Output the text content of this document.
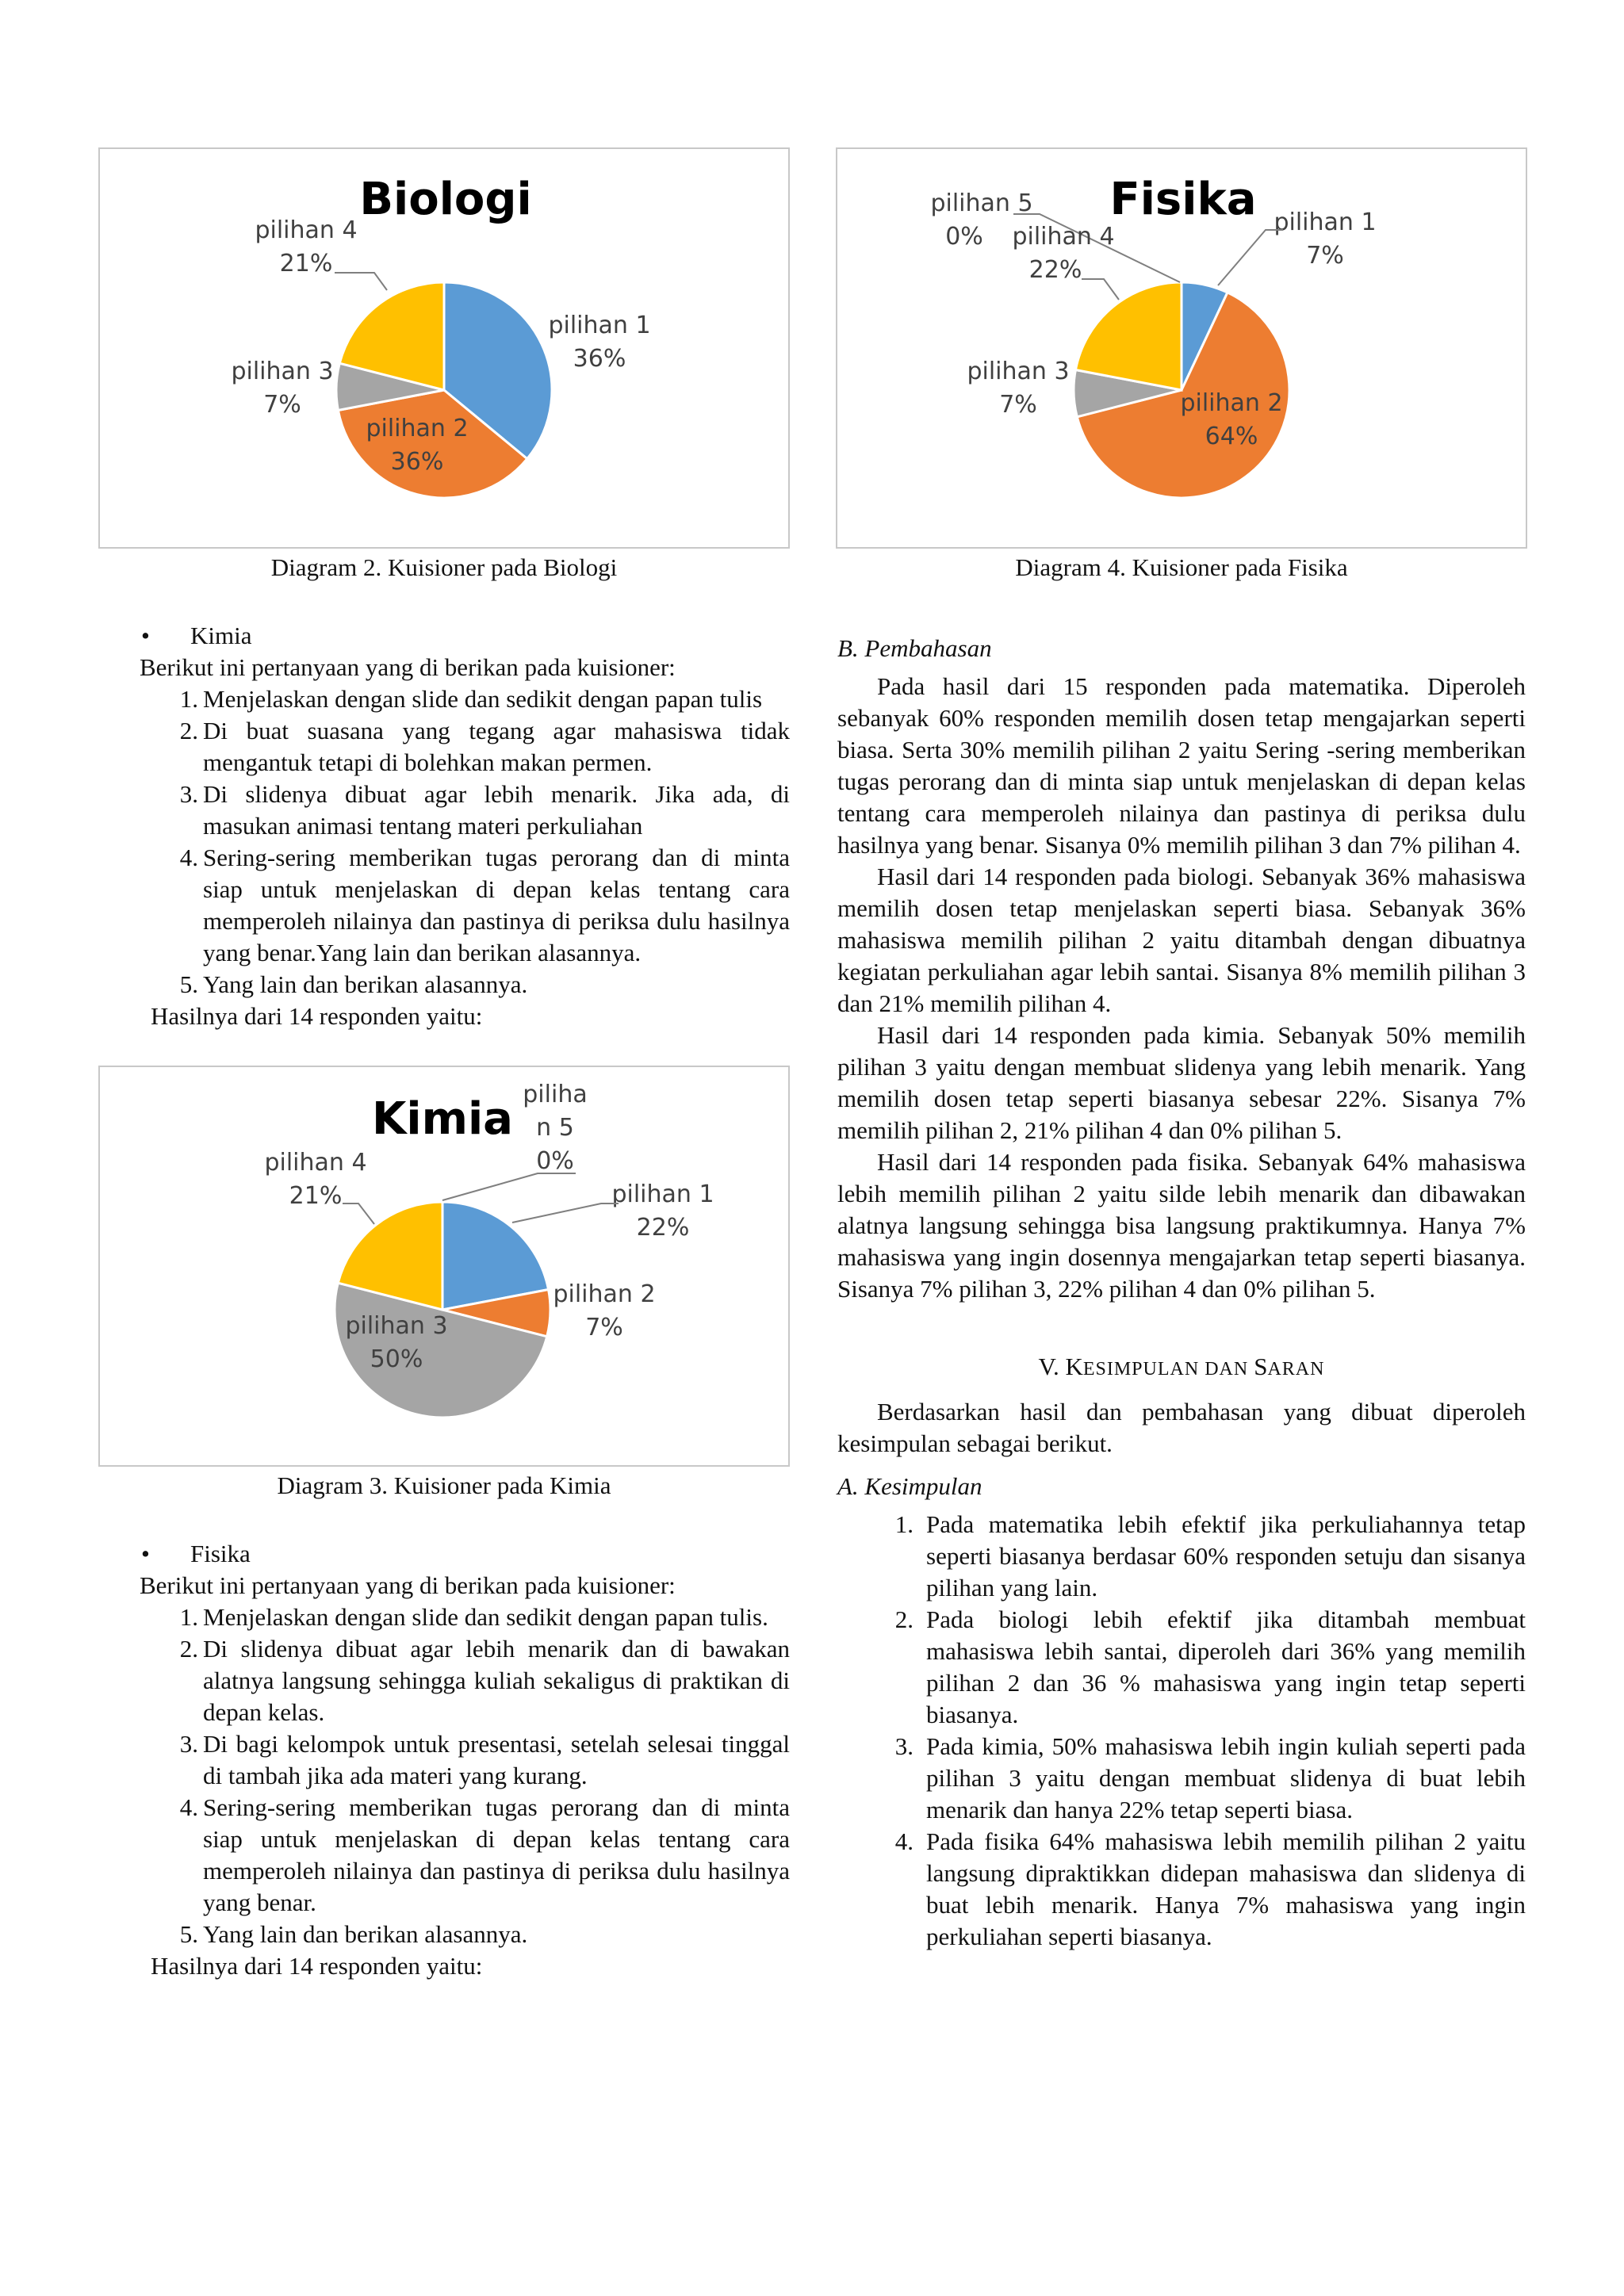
Biologi
pilihan 1
36%
pilihan 2
36%
pilihan 3
7%
pilihan 4
21%
Diagram 2. Kuisioner pada Biologi
Fisika pilihan 1
7%
pilihan 2
64%
pilihan 3
7%
pilihan 5
0% pilihan 4
22%
Diagram 4. Kuisioner pada Fisika
•	Kimia

Berikut ini pertanyaan yang di berikan pada kuisioner:

1. Menjelaskan dengan slide dan sedikit dengan papan tulis
2. Di buat suasana yang tegang agar mahasiswa tidak mengantuk tetapi di bolehkan makan permen.
3. Di slidenya dibuat agar lebih menarik. Jika ada, di masukan animasi tentang materi perkuliahan
4. Sering-sering memberikan tugas perorang dan di minta siap untuk menjelaskan di depan kelas tentang cara memperoleh nilainya dan pastinya di periksa dulu hasilnya yang benar.Yang lain dan berikan alasannya.
5. Yang lain dan berikan alasannya.

Hasilnya dari 14 responden yaitu:

Kimia piliha
n 5
0%
pilihan 1
22%
pilihan 2
7%
pilihan 3
50%
pilihan 4
21%
Diagram 3. Kuisioner pada Kimia
•	Fisika

Berikut ini pertanyaan yang di berikan pada kuisioner:

1. Menjelaskan dengan slide dan sedikit dengan papan tulis.
2. Di slidenya dibuat agar lebih menarik dan di bawakan alatnya langsung sehingga kuliah sekaligus di praktikan di depan kelas.
3. Di bagi kelompok untuk presentasi, setelah selesai tinggal di tambah jika ada materi yang kurang.
4. Sering-sering memberikan tugas perorang dan di minta siap untuk menjelaskan di depan kelas tentang cara memperoleh nilainya dan pastinya di periksa dulu hasilnya yang benar.
5. Yang lain dan berikan alasannya.

Hasilnya dari 14 responden yaitu:

B. Pembahasan

Pada hasil dari 15 responden pada matematika. Diperoleh sebanyak 60% responden memilih dosen tetap mengajarkan seperti biasa. Serta 30% memilih pilihan 2 yaitu Sering -sering memberikan tugas perorang dan di minta siap untuk menjelaskan di depan kelas tentang cara memperoleh nilainya dan pastinya di periksa dulu hasilnya yang benar. Sisanya 0% memilih pilihan 3 dan 7% pilihan 4.

Hasil dari 14 responden pada biologi. Sebanyak 36% mahasiswa memilih dosen tetap menjelaskan seperti biasa. Sebanyak 36% mahasiswa memilih pilihan 2 yaitu ditambah dengan dibuatnya kegiatan perkuliahan agar lebih santai. Sisanya 8% memilih pilihan 3 dan 21% memilih pilihan 4.

Hasil dari 14 responden pada kimia. Sebanyak 50% memilih pilihan 3 yaitu dengan membuat slidenya yang lebih menarik. Yang memilih dosen tetap seperti biasanya sebesar 22%. Sisanya 7% memilih pilihan 2, 21% pilihan 4 dan 0% pilihan 5.

Hasil dari 14 responden pada fisika. Sebanyak 64% mahasiswa lebih memilih pilihan 2 yaitu silde lebih menarik dan dibawakan alatnya langsung sehingga bisa langsung praktikumnya. Hanya 7% mahasiswa yang ingin dosennya mengajarkan tetap seperti biasanya. Sisanya 7% pilihan 3, 22% pilihan 4 dan 0% pilihan 5.

V. KESIMPULAN DAN SARAN

Berdasarkan hasil dan pembahasan yang dibuat diperoleh kesimpulan sebagai berikut.

A. Kesimpulan

1. Pada matematika lebih efektif jika perkuliahannya tetap seperti biasanya berdasar 60% responden setuju dan sisanya pilihan yang lain.
2. Pada biologi lebih efektif jika ditambah membuat mahasiswa lebih santai, diperoleh dari 36% yang memilih pilihan 2 dan 36 % mahasiswa yang ingin tetap seperti biasanya.
3. Pada kimia, 50% mahasiswa lebih ingin kuliah seperti pada pilihan 3 yaitu dengan membuat slidenya di buat lebih menarik dan hanya 22% tetap seperti biasa.
4. Pada fisika 64% mahasiswa lebih memilih pilihan 2 yaitu langsung dipraktikkan didepan mahasiswa dan slidenya di buat lebih menarik. Hanya 7% mahasiswa yang ingin perkuliahan seperti biasanya.
